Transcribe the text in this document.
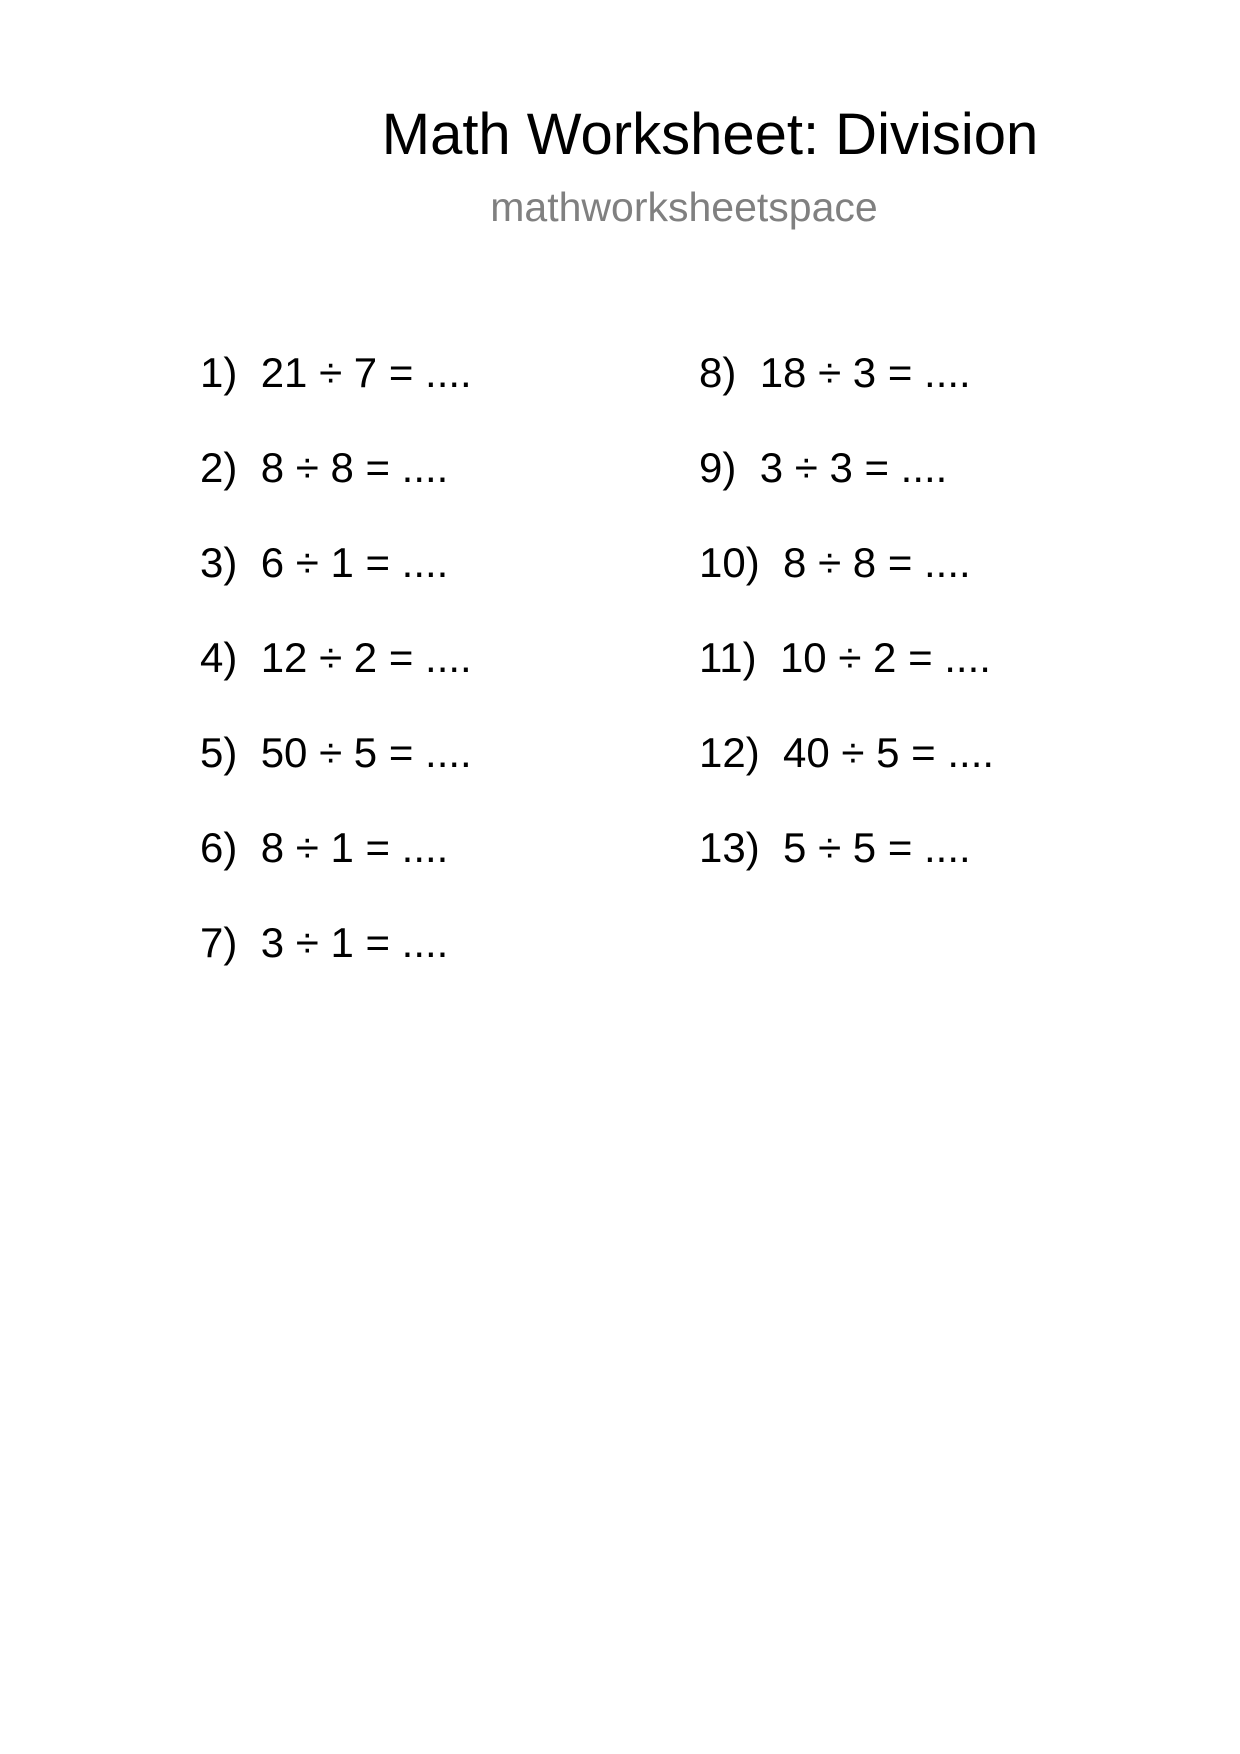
Math Worksheet: Division
mathworksheetspace
1) 21 ÷ 7 = ....
2) 8 ÷ 8 = ....
3) 6 ÷ 1 = ....
4) 12 ÷ 2 = ....
5) 50 ÷ 5 = ....
6) 8 ÷ 1 = ....
7) 3 ÷ 1 = ....
8) 18 ÷ 3 = ....
9) 3 ÷ 3 = ....
10) 8 ÷ 8 = ....
11) 10 ÷ 2 = ....
12) 40 ÷ 5 = ....
13) 5 ÷ 5 = ....
